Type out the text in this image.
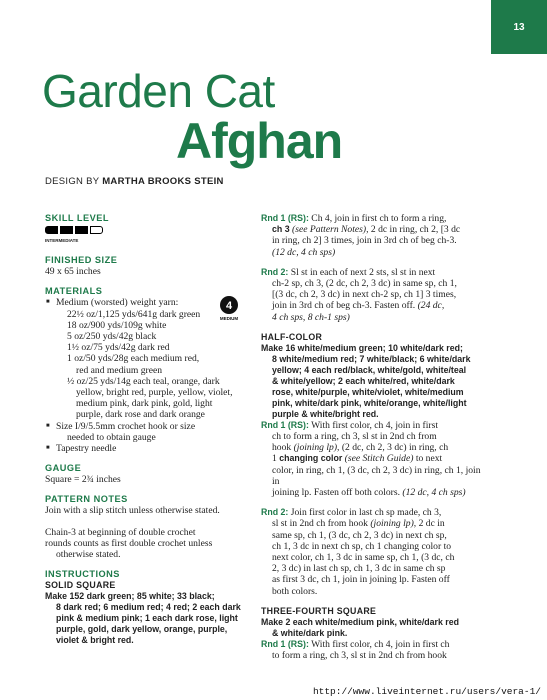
13
Garden Cat
Afghan
DESIGN BY MARTHA BROOKS STEIN
SKILL LEVEL
INTERMEDIATE
FINISHED SIZE
49 x 65 inches
MATERIALS
■ 4
MEDIUM
Medium (worsted) weight yarn:
22½ oz/1,125 yds/641g dark green
18 oz/900 yds/109g white
5 oz/250 yds/42g black
1½ oz/75 yds/42g dark red
1 oz/50 yds/28g each medium red,
red and medium green
½ oz/25 yds/14g each teal, orange, dark
yellow, bright red, purple, yellow, violet,
medium pink, dark pink, gold, light
purple, dark rose and dark orange
■ Size I/9/5.5mm crochet hook or size
needed to obtain gauge
■ Tapestry needle
GAUGE
Square = 2¾ inches
PATTERN NOTES
Join with a slip stitch unless otherwise stated.
Chain-3 at beginning of double crochet
rounds counts as first double crochet unless
otherwise stated.
INSTRUCTIONS
SOLID SQUARE
Make 152 dark green; 85 white; 33 black;
8 dark red; 6 medium red; 4 red; 2 each dark
pink & medium pink; 1 each dark rose, light
purple, gold, dark yellow, orange, purple,
violet & bright red.
Rnd 1 (RS): Ch 4, join in first ch to form a ring,
ch 3 (see Pattern Notes), 2 dc in ring, ch 2, [3 dc
in ring, ch 2] 3 times, join in 3rd ch of beg ch-3.
(12 dc, 4 ch sps)
Rnd 2: Sl st in each of next 2 sts, sl st in next
ch-2 sp, ch 3, (2 dc, ch 2, 3 dc) in same sp, ch 1,
[(3 dc, ch 2, 3 dc) in next ch-2 sp, ch 1] 3 times,
join in 3rd ch of beg ch-3. Fasten off. (24 dc,
4 ch sps, 8 ch-1 sps)
HALF-COLOR
Make 16 white/medium green; 10 white/dark red;
8 white/medium red; 7 white/black; 6 white/dark
yellow; 4 each red/black, white/gold, white/teal
& white/yellow; 2 each white/red, white/dark
rose, white/purple, white/violet, white/medium
pink, white/dark pink, white/orange, white/light
purple & white/bright red.
Rnd 1 (RS): With first color, ch 4, join in first
ch to form a ring, ch 3, sl st in 2nd ch from
hook (joining lp), (2 dc, ch 2, 3 dc) in ring, ch
1 changing color (see Stitch Guide) to next
color, in ring, ch 1, (3 dc, ch 2, 3 dc) in ring, ch 1, join in
joining lp. Fasten off both colors. (12 dc, 4 ch sps)
Rnd 2: Join first color in last ch sp made, ch 3,
sl st in 2nd ch from hook (joining lp), 2 dc in
same sp, ch 1, (3 dc, ch 2, 3 dc) in next ch sp,
ch 1, 3 dc in next ch sp, ch 1 changing color to
next color, ch 1, 3 dc in same sp, ch 1, (3 dc, ch
2, 3 dc) in last ch sp, ch 1, 3 dc in same ch sp
as first 3 dc, ch 1, join in joining lp. Fasten off
both colors.
THREE-FOURTH SQUARE
Make 2 each white/medium pink, white/dark red
& white/dark pink.
Rnd 1 (RS): With first color, ch 4, join in first ch
to form a ring, ch 3, sl st in 2nd ch from hook
http://www.liveinternet.ru/users/vera-1/
